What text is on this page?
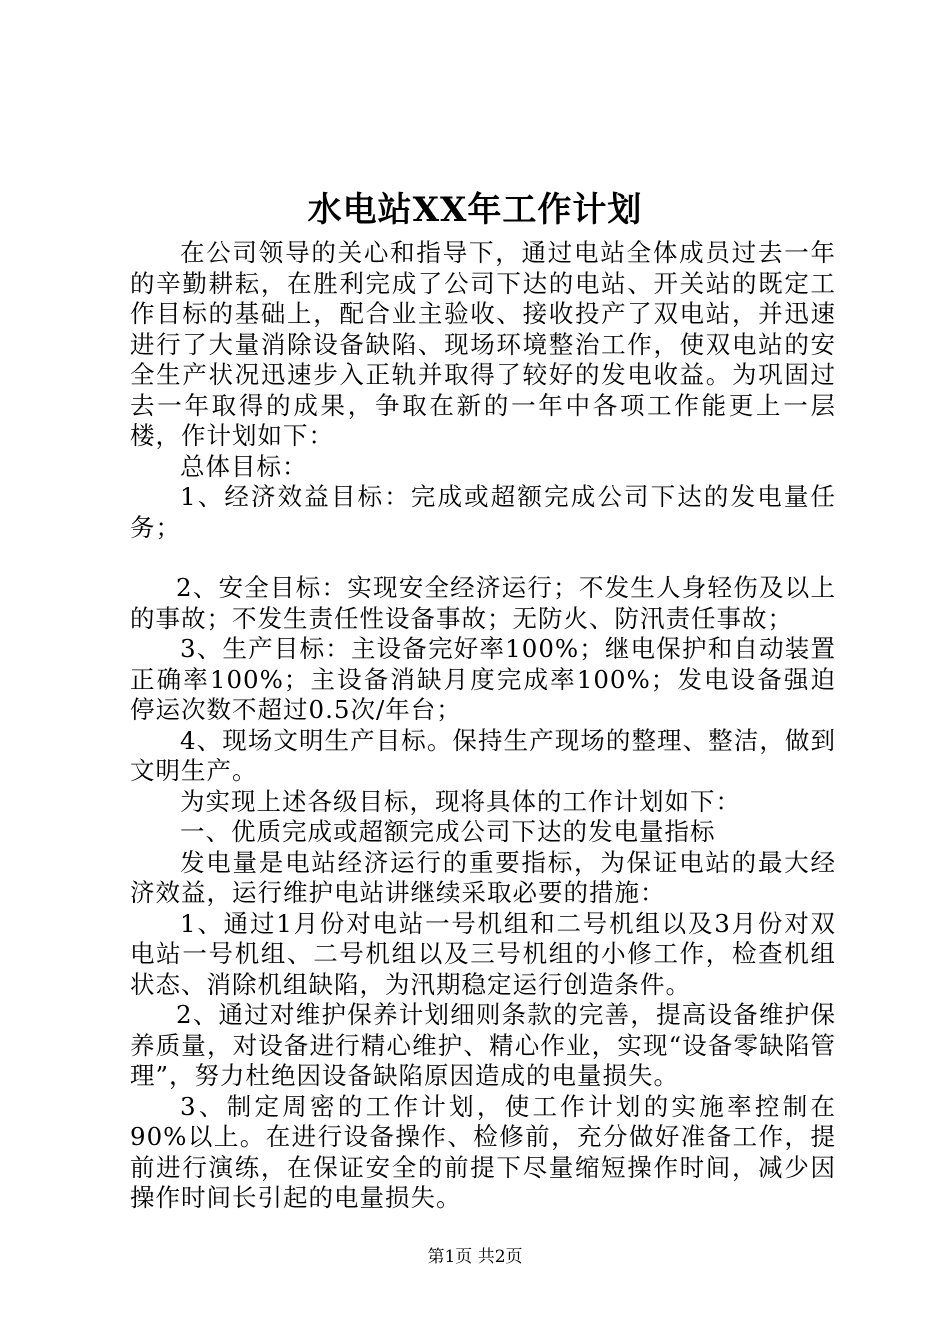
水电站XX年工作计划

在公司领导的关心和指导下，通过电站全体成员过去一年的辛勤耕耘，在胜利完成了公司下达的电站、开关站的既定工作目标的基础上，配合业主验收、接收投产了双电站，并迅速进行了大量消除设备缺陷、现场环境整治工作，使双电站的安全生产状况迅速步入正轨并取得了较好的发电收益。为巩固过去一年取得的成果，争取在新的一年中各项工作能更上一层楼，作计划如下：

总体目标：

1、经济效益目标：完成或超额完成公司下达的发电量任务；

2、安全目标：实现安全经济运行；不发生人身轻伤及以上的事故；不发生责任性设备事故；无防火、防汛责任事故；

3、生产目标：主设备完好率100%；继电保护和自动装置正确率100%；主设备消缺月度完成率100%；发电设备强迫停运次数不超过0.5次/年台；

4、现场文明生产目标。保持生产现场的整理、整洁，做到文明生产。

为实现上述各级目标，现将具体的工作计划如下：

一、优质完成或超额完成公司下达的发电量指标

发电量是电站经济运行的重要指标，为保证电站的最大经济效益，运行维护电站讲继续采取必要的措施：

1、通过1月份对电站一号机组和二号机组以及3月份对双电站一号机组、二号机组以及三号机组的小修工作，检查机组状态、消除机组缺陷，为汛期稳定运行创造条件。

2、通过对维护保养计划细则条款的完善，提高设备维护保养质量，对设备进行精心维护、精心作业，实现“设备零缺陷管理”，努力杜绝因设备缺陷原因造成的电量损失。

3、制定周密的工作计划，使工作计划的实施率控制在90%以上。在进行设备操作、检修前，充分做好准备工作，提前进行演练，在保证安全的前提下尽量缩短操作时间，减少因操作时间长引起的电量损失。

第1页 共2页
